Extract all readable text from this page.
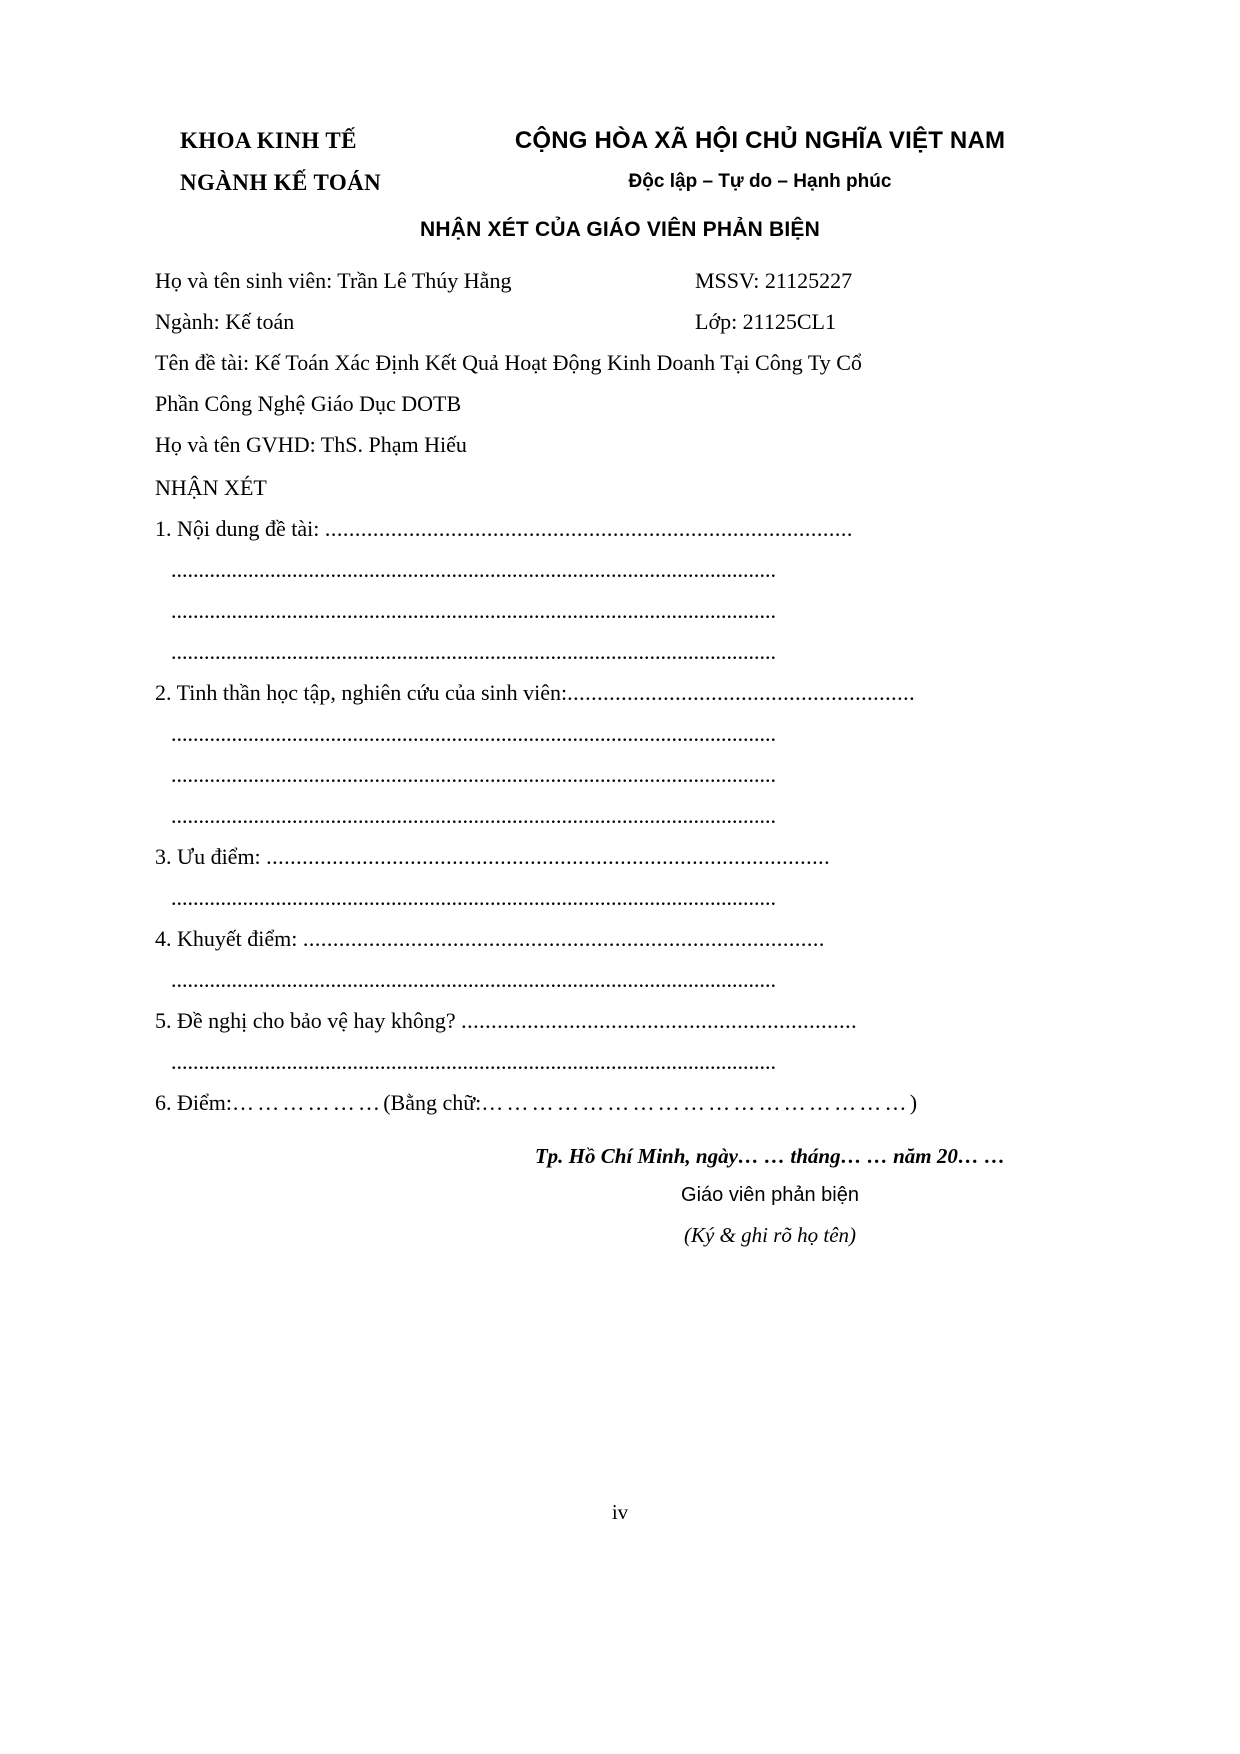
KHOA KINH TẾ
NGÀNH KẾ TOÁN
CỘNG HÒA XÃ HỘI CHỦ NGHĨA VIỆT NAM
Độc lập – Tự do – Hạnh phúc
NHẬN XÉT CỦA GIÁO VIÊN PHẢN BIỆN
Họ và tên sinh viên: Trần Lê Thúy Hằng	MSSV: 21125227
Ngành: Kế toán	Lớp: 21125CL1
Tên đề tài: Kế Toán Xác Định Kết Quả Hoạt Động Kinh Doanh Tại Công Ty Cổ
Phần Công Nghệ Giáo Dục DOTB
Họ và tên GVHD: ThS. Phạm Hiếu
NHẬN XÉT
1. Nội dung đề tài: ........................................................................................
..............................................................................................................
..............................................................................................................
..............................................................................................................
2. Tinh thần học tập, nghiên cứu của sinh viên:..........................................................
..............................................................................................................
..............................................................................................................
..............................................................................................................
3. Ưu điểm: ..............................................................................................
..............................................................................................................
4. Khuyết điểm: .......................................................................................
..............................................................................................................
5. Đề nghị cho bảo vệ hay không? ..................................................................
..............................................................................................................
6. Điểm:………………(Bằng chữ:……………………………………………)
Tp. Hồ Chí Minh, ngày… … tháng… … năm 20… …
Giáo viên phản biện
(Ký & ghi rõ họ tên)
iv
